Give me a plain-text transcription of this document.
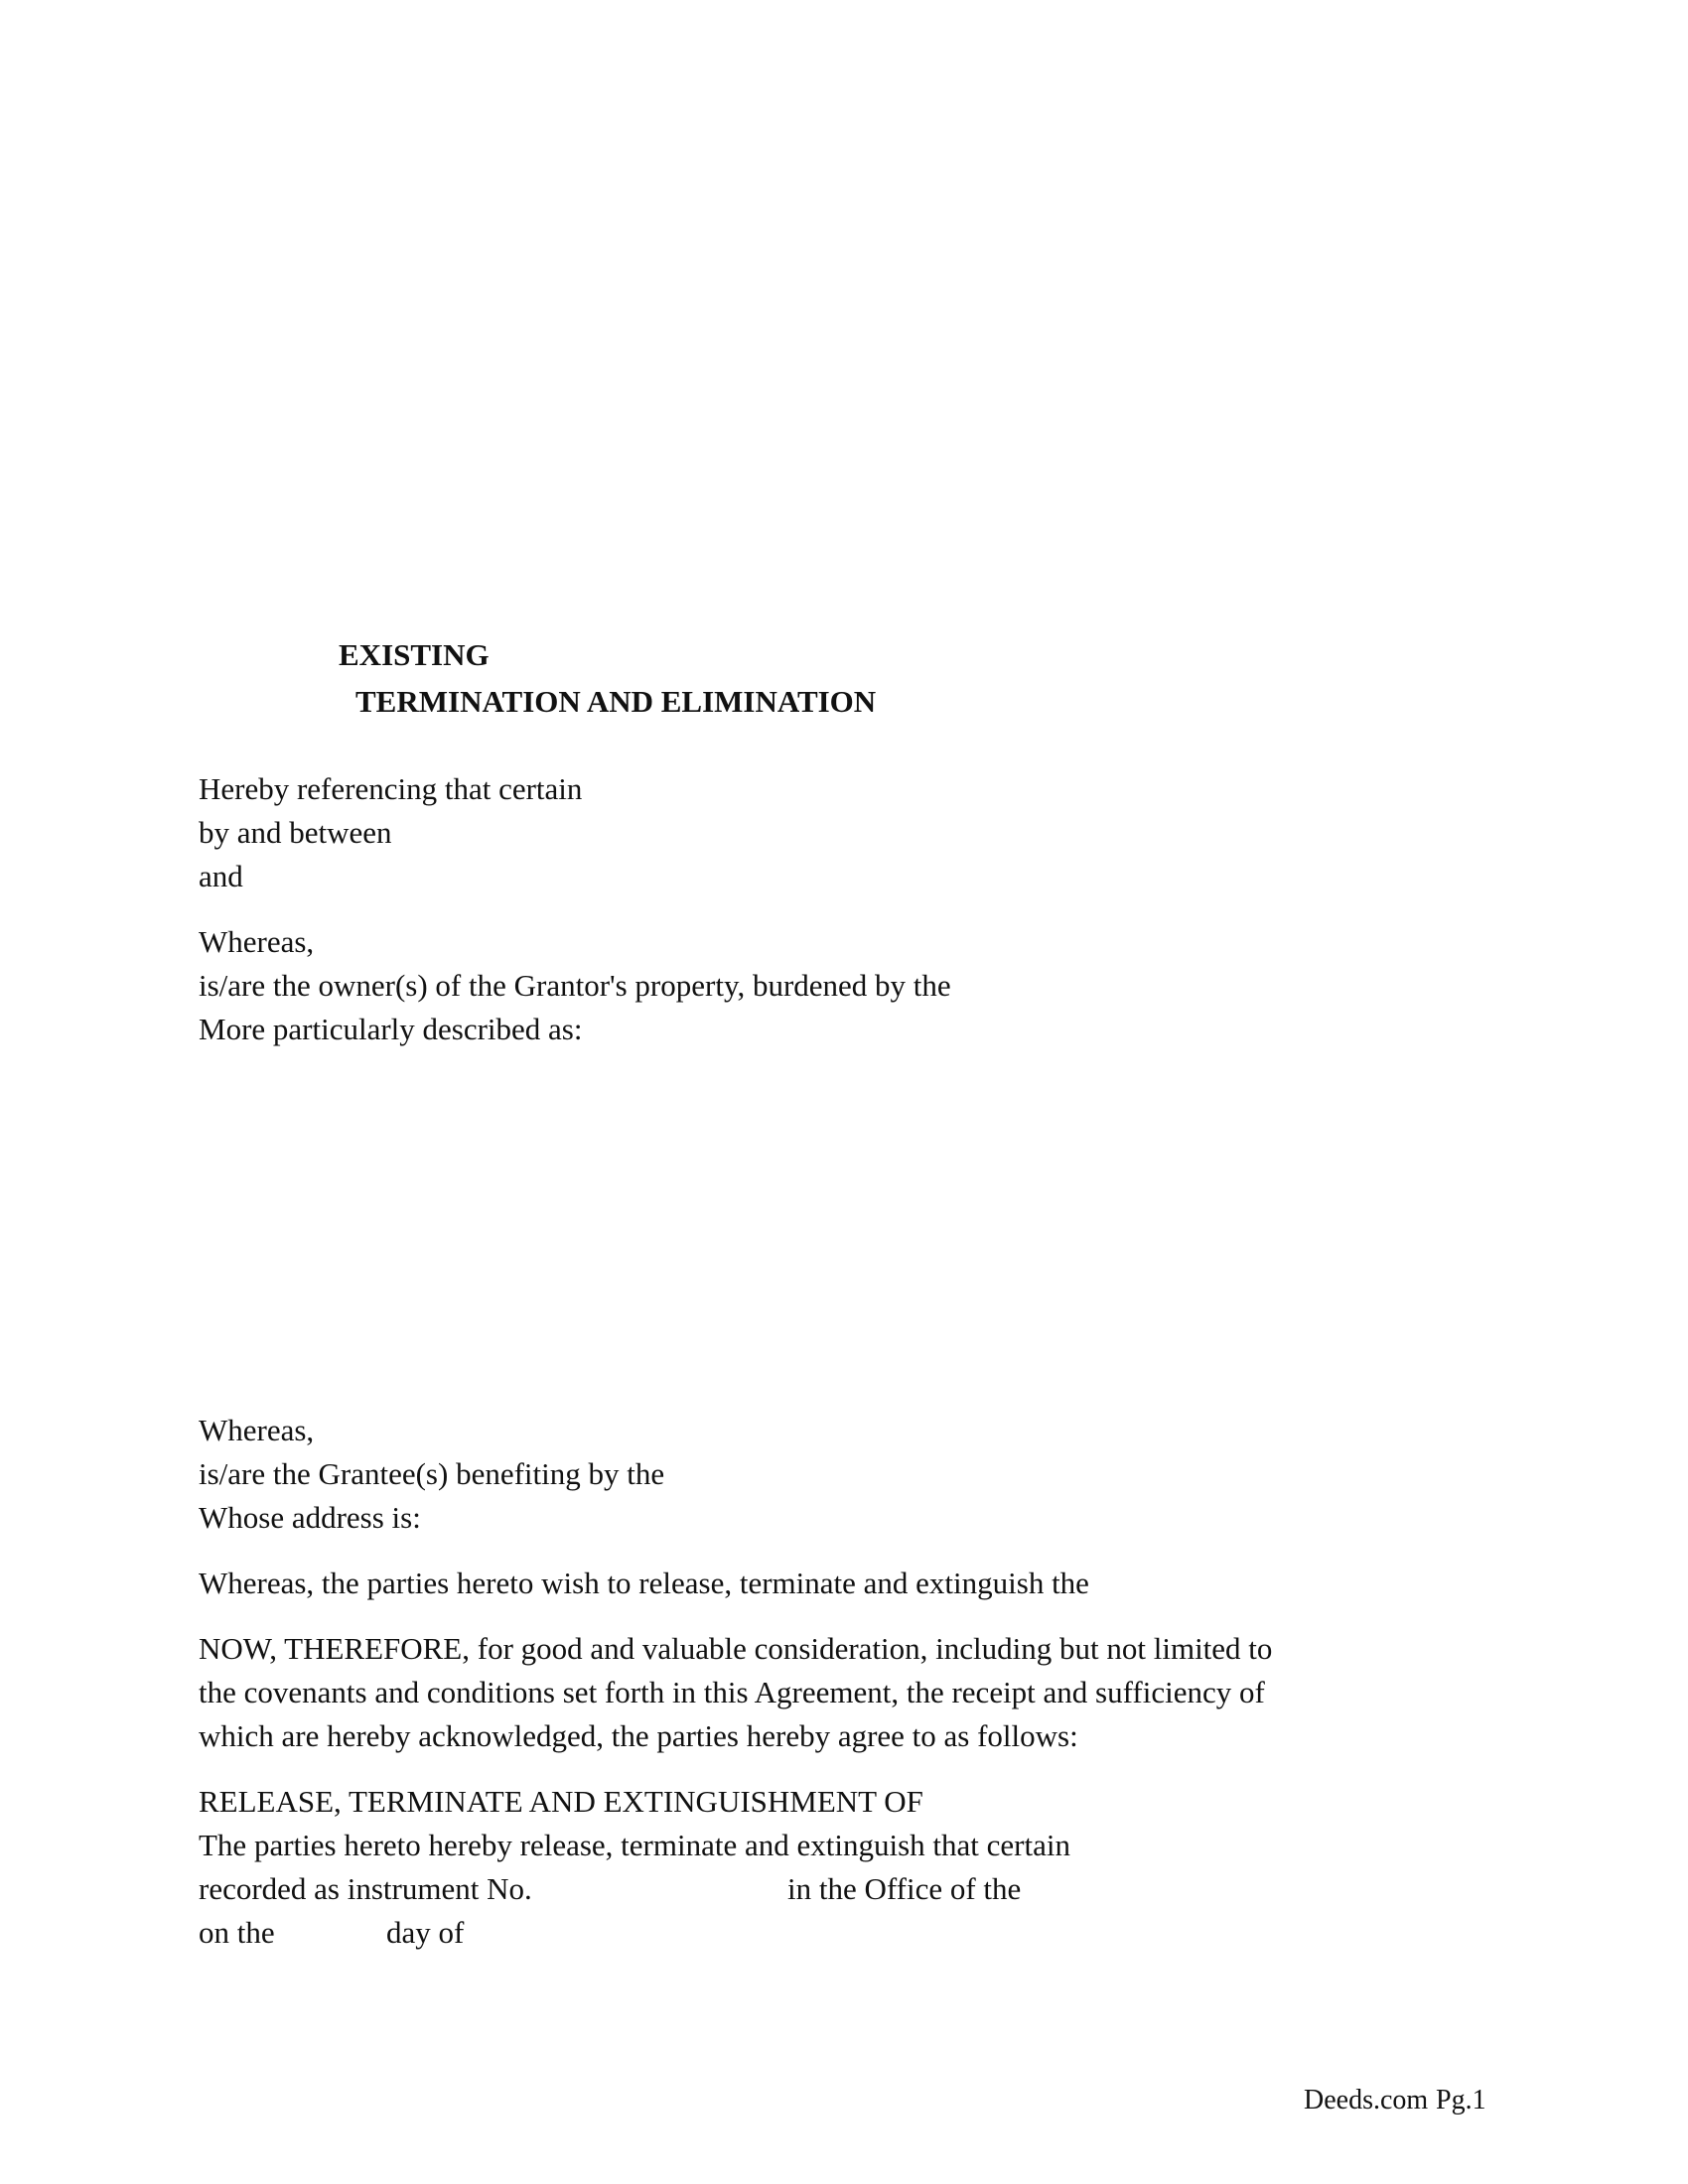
EXISTING
TERMINATION AND ELIMINATION
Hereby referencing that certain
by and between
and
Whereas,
is/are the owner(s) of the Grantor's property, burdened by the
More particularly described as:
Whereas,
is/are the Grantee(s) benefiting by the
Whose address is:
Whereas, the parties hereto wish to release, terminate and extinguish the
NOW, THEREFORE, for good and valuable consideration, including but not limited to
the covenants and conditions set forth in this Agreement, the receipt and sufficiency of
which are hereby acknowledged, the parties hereby agree to as follows:
RELEASE, TERMINATE AND EXTINGUISHMENT OF
The parties hereto hereby release, terminate and extinguish that certain
recorded as instrument No.	in the Office of the
on the	day of
Deeds.com Pg.1
